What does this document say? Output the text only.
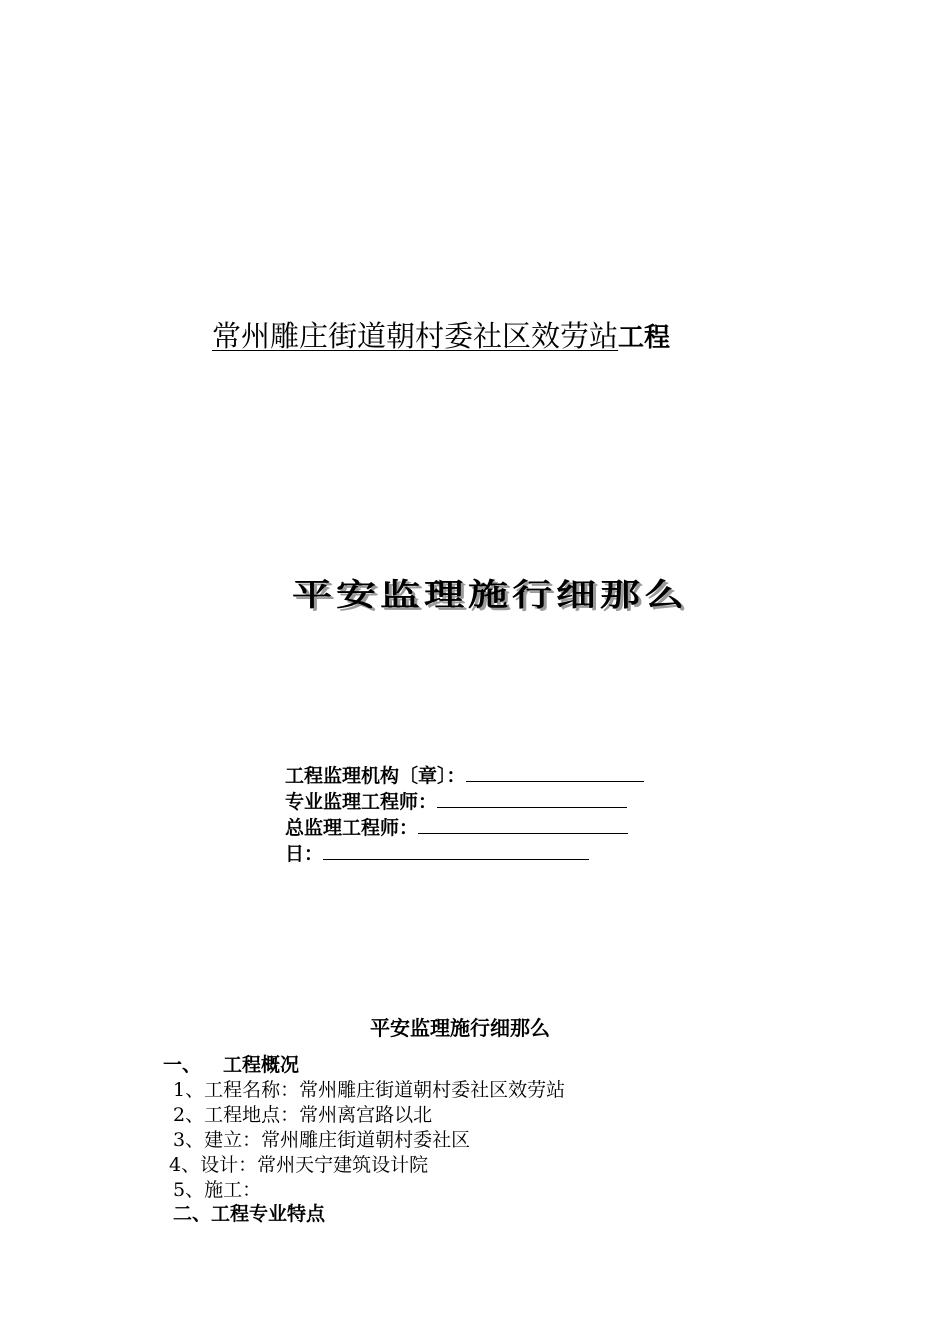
常州雕庄街道朝村委社区效劳站工程
平安监理施行细那么
工程监理机构〔章〕：
专业监理工程师：
总监理工程师：
日：
平安监理施行细那么
一、 工程概况
1、工程名称：常州雕庄街道朝村委社区效劳站
2、工程地点：常州离宫路以北
3、建立：常州雕庄街道朝村委社区
4、设计：常州天宁建筑设计院
5、施工：
二、工程专业特点
